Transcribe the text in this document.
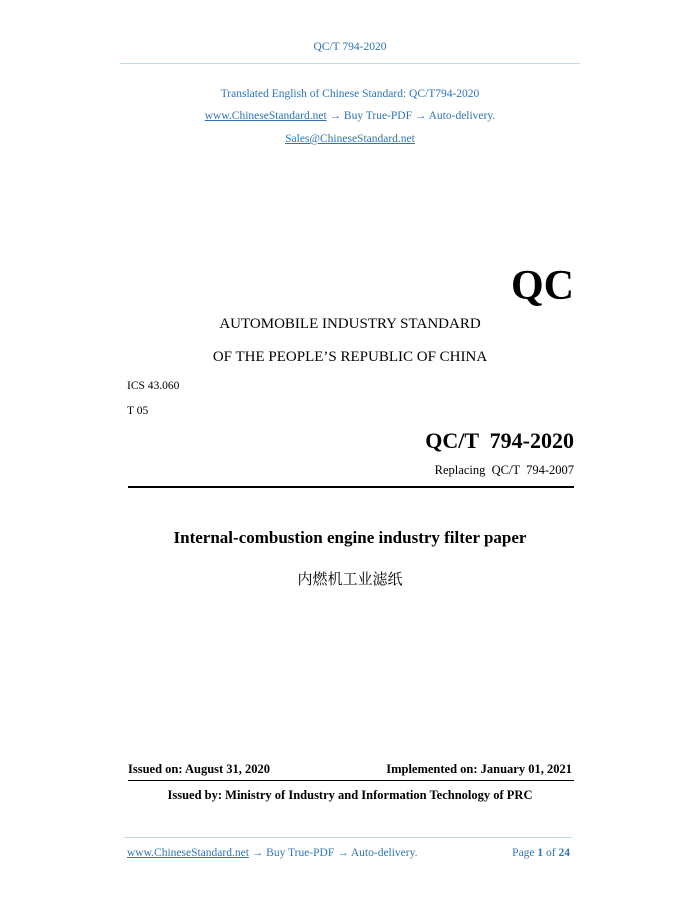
QC/T 794-2020
Translated English of Chinese Standard: QC/T794-2020
www.ChineseStandard.net → Buy True-PDF → Auto-delivery.
Sales@ChineseStandard.net
QC
AUTOMOBILE INDUSTRY STANDARD
OF THE PEOPLE’S REPUBLIC OF CHINA
ICS 43.060
T 05
QC/T  794-2020
Replacing  QC/T  794-2007
Internal-combustion engine industry filter paper
内燃机工业滤纸
Issued on: August 31, 2020	Implemented on: January 01, 2021
Issued by: Ministry of Industry and Information Technology of PRC
www.ChineseStandard.net → Buy True-PDF → Auto-delivery.	Page 1 of 24
